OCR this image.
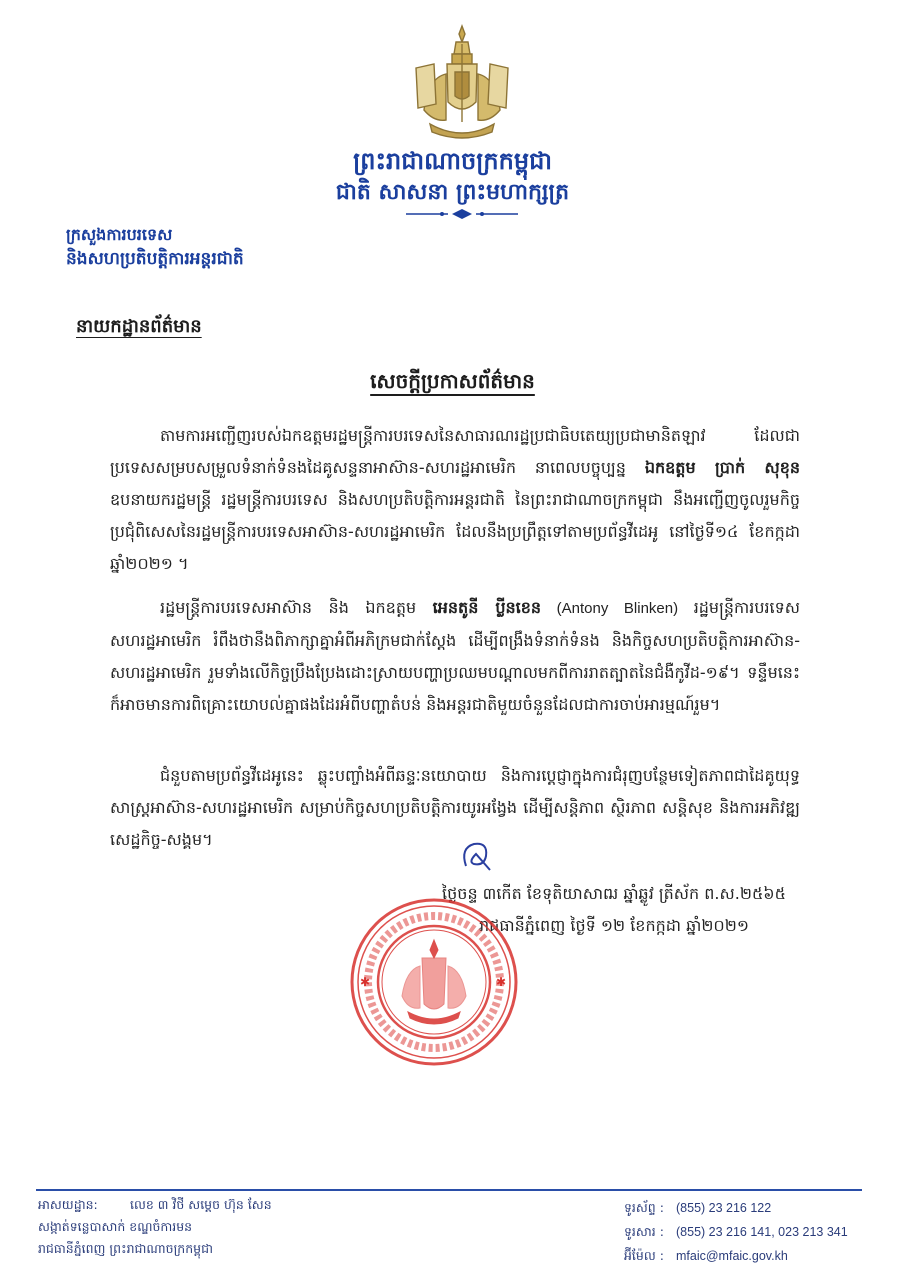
ព្រះរាជាណាចក្រកម្ពុជា
ជាតិ សាសនា ព្រះមហាក្សត្រ
ក្រសួងការបរទេស
និងសហប្រតិបត្តិការអន្តរជាតិ
នាយកដ្ឋានព័ត៌មាន
សេចក្តីប្រកាសព័ត៌មាន
តាមការអញ្ជើញរបស់ឯកឧត្តមរដ្ឋមន្ត្រីការបរទេសនៃសាធារណរដ្ឋប្រជាធិបតេយ្យប្រជាមានិតឡាវ ដែលជាប្រទេសសម្របសម្រួលទំនាក់ទំនងដៃគូសន្ទនាអាស៊ាន-សហរដ្ឋអាមេរិក នាពេលបច្ចុប្បន្ន ឯកឧត្តម ប្រាក់ សុខុន ឧបនាយករដ្ឋមន្ត្រី រដ្ឋមន្ត្រីការបរទេស និងសហប្រតិបត្តិការអន្តរជាតិ នៃព្រះរាជាណាចក្រកម្ពុជា នឹងអញ្ជើញចូលរួមកិច្ចប្រជុំពិសេសនៃរដ្ឋមន្ត្រីការបរទេសអាស៊ាន-សហរដ្ឋអាមេរិក ដែលនឹងប្រព្រឹត្តទៅតាមប្រព័ន្ធវីដេអូ នៅថ្ងៃទី១៤ ខែកក្កដា ឆ្នាំ២០២១ ។
រដ្ឋមន្ត្រីការបរទេសអាស៊ាន និង ឯកឧត្តម អេនតូនី ប្លីនខេន (Antony Blinken) រដ្ឋមន្ត្រីការបរទេសសហរដ្ឋអាមេរិក រំពឹងថានឹងពិភាក្សាគ្នាអំពីអភិក្រមជាក់ស្តែង ដើម្បីពង្រឹងទំនាក់ទំនង និងកិច្ចសហប្រតិបត្តិការអាស៊ាន-សហរដ្ឋអាមេរិក រួមទាំងលើកិច្ចប្រឹងប្រែងដោះស្រាយបញ្ហាប្រឈមបណ្តាលមកពីការរាតត្បាតនៃជំងឺកូវីដ-១៩។ ទន្ទឹមនេះ ក៏អាចមានការពិគ្រោះយោបល់គ្នាផងដែរអំពីបញ្ហាតំបន់ និងអន្តរជាតិមួយចំនួនដែលជាការចាប់អារម្មណ៍រួម។
ជំនួបតាមប្រព័ន្ធវីដេអូនេះ ឆ្លុះបញ្ចាំងអំពីឆន្ទៈនយោបាយ និងការប្តេជ្ញាក្នុងការជំរុញបន្ថែមទៀតភាពជាដៃគូយុទ្ធសាស្ត្រអាស៊ាន-សហរដ្ឋអាមេរិក សម្រាប់កិច្ចសហប្រតិបត្តិការយូរអង្វែង ដើម្បីសន្តិភាព ស្ថិរភាព សន្តិសុខ និងការអភិវឌ្ឍសេដ្ឋកិច្ច-សង្គម។
ថ្ងៃចន្ទ ៣កើត ខែទុតិយាសាឍ ឆ្នាំឆ្លូវ ត្រីស័ក ព.ស.២៥៦៥
រាជធានីភ្នំពេញ ថ្ងៃទី ១២ ខែកក្កដា ឆ្នាំ២០២១
✱	✱
អាសយដ្ឋាន:	លេខ ៣ វិថី សម្តេច ហ៊ុន សែន
សង្កាត់ទន្លេបាសាក់ ខណ្ឌចំការមន
រាជធានីភ្នំពេញ ព្រះរាជាណាចក្រកម្ពុជា
ទូរស័ព្ទ : (855) 23 216 122
ទូរសារ : (855) 23 216 141, 023 213 341
អ៊ីម៉ែល : mfaic@mfaic.gov.kh
